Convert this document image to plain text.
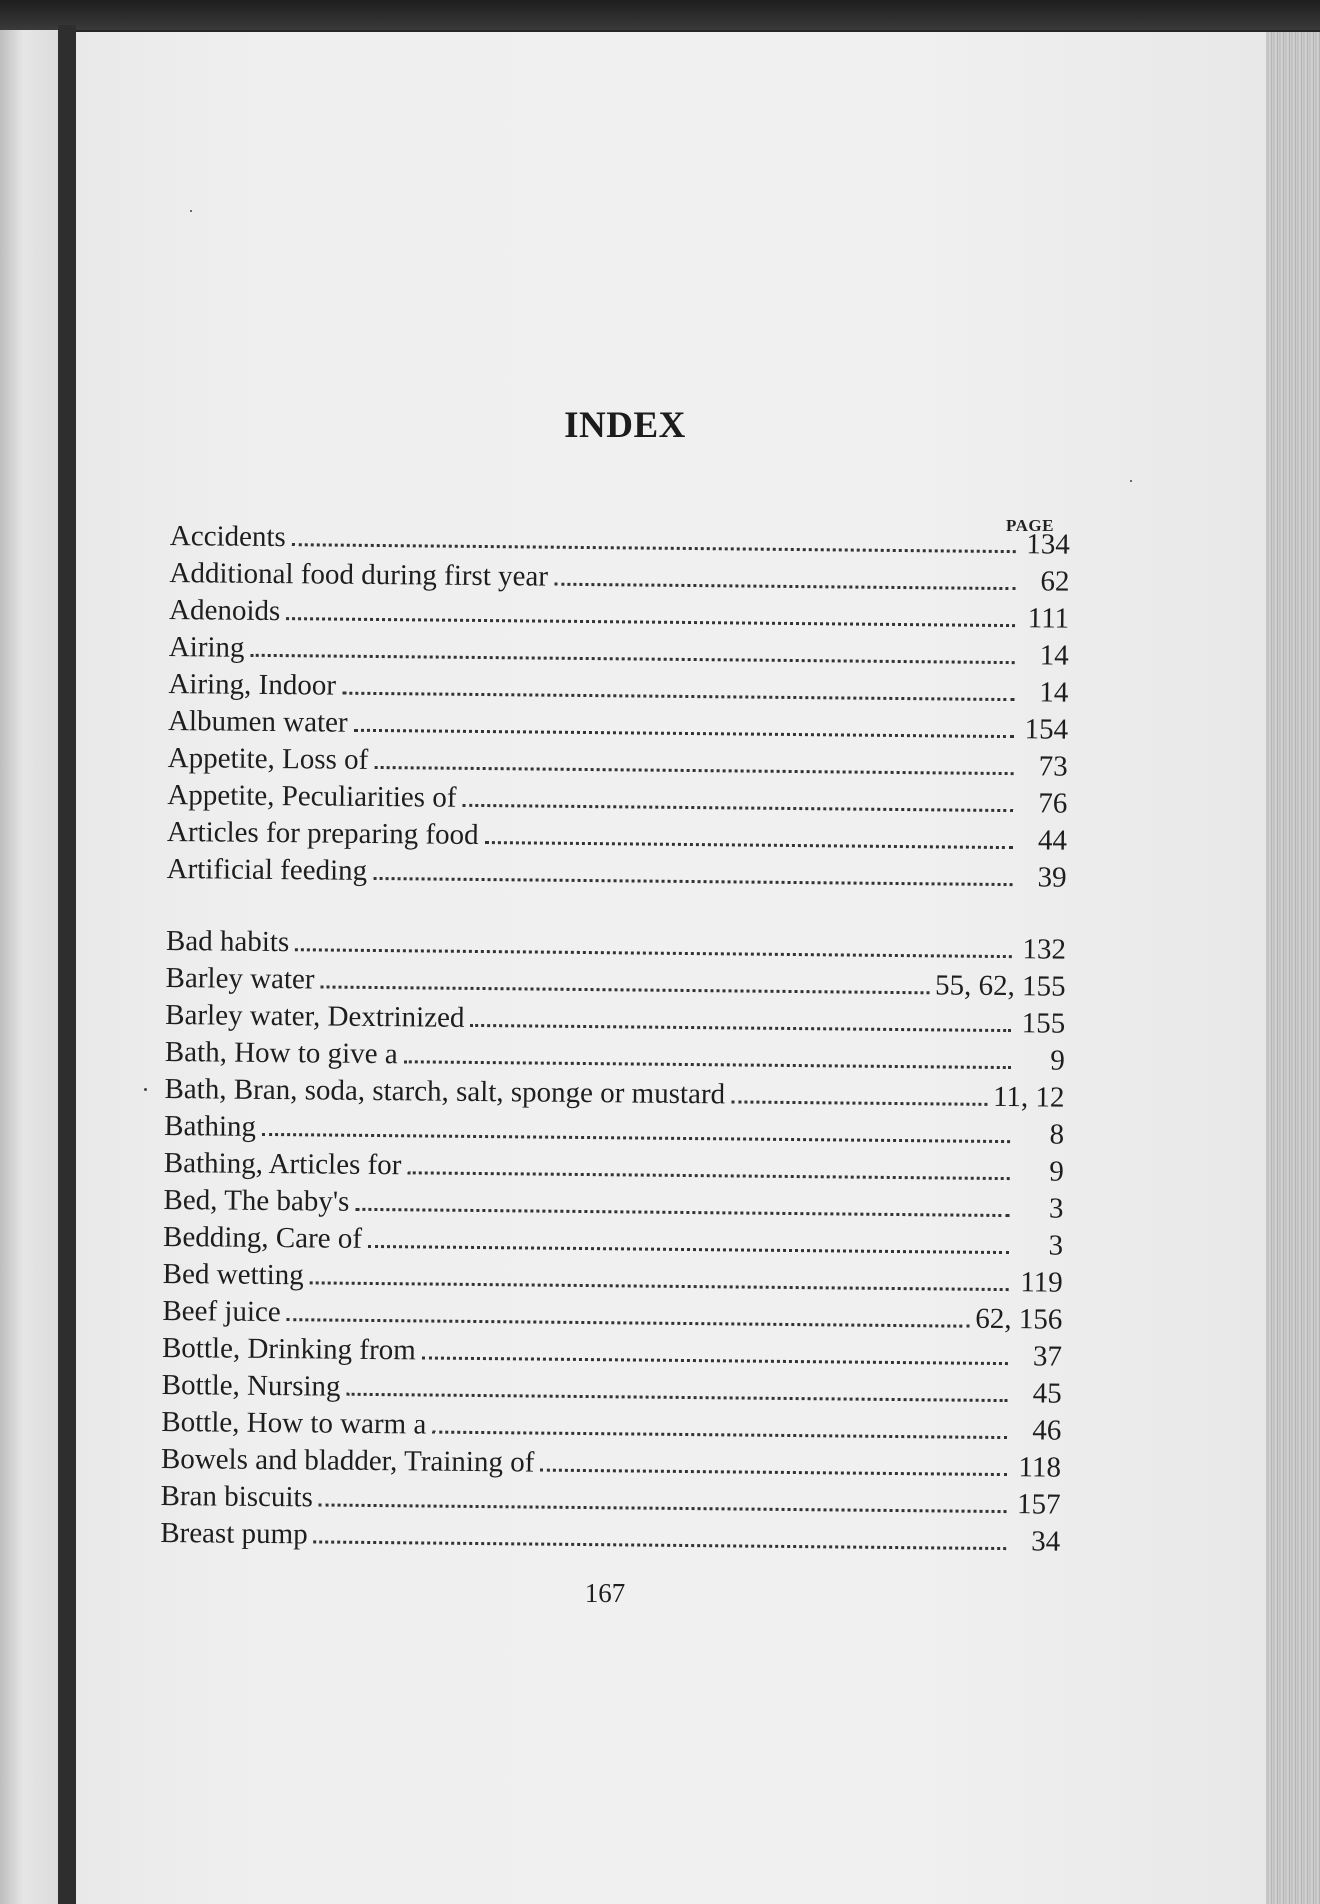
INDEX
PAGE
Accidents	134
Additional food during first year	62
Adenoids	111
Airing	14
Airing, Indoor	14
Albumen water	154
Appetite, Loss of	73
Appetite, Peculiarities of	76
Articles for preparing food	44
Artificial feeding	39
Bad habits	132
Barley water	55, 62, 155
Barley water, Dextrinized	155
Bath, How to give a	9
Bath, Bran, soda, starch, salt, sponge or mustard	11, 12
Bathing	8
Bathing, Articles for	9
Bed, The baby's	3
Bedding, Care of	3
Bed wetting	119
Beef juice	62, 156
Bottle, Drinking from	37
Bottle, Nursing	45
Bottle, How to warm a	46
Bowels and bladder, Training of	118
Bran biscuits	157
Breast pump	34
167
